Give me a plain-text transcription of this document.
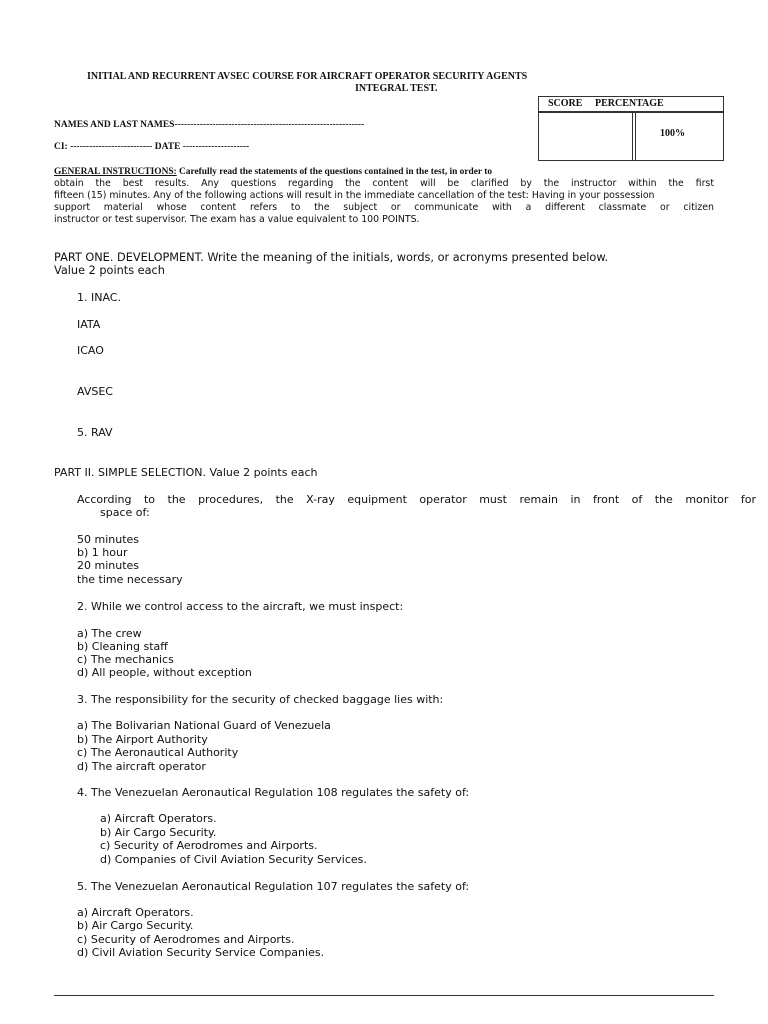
INITIAL AND RECURRENT AVSEC COURSE FOR AIRCRAFT OPERATOR SECURITY AGENTS
INTEGRAL TEST.
NAMES AND LAST NAMES------------------------------------------------------------
CI: -------------------------- DATE ---------------------
SCORE PERCENTAGE
100%
GENERAL INSTRUCTIONS: Carefully read the statements of the questions contained in the test, in order to
obtain the best results. Any questions regarding the content will be clarified by the instructor within the first
fifteen (15) minutes. Any of the following actions will result in the immediate cancellation of the test: Having in your possession
support material whose content refers to the subject or communicate with a different classmate or citizen
instructor or test supervisor. The exam has a value equivalent to 100 POINTS.
PART ONE. DEVELOPMENT. Write the meaning of the initials, words, or acronyms presented below.
Value 2 points each
1. INAC.
IATA
ICAO
AVSEC
5. RAV
PART II. SIMPLE SELECTION. Value 2 points each
According to the procedures, the X-ray equipment operator must remain in front of the monitor for
space of:
50 minutes
b) 1 hour
20 minutes
the time necessary
2. While we control access to the aircraft, we must inspect:
a) The crew
b) Cleaning staff
c) The mechanics
d) All people, without exception
3. The responsibility for the security of checked baggage lies with:
a) The Bolivarian National Guard of Venezuela
b) The Airport Authority
c) The Aeronautical Authority
d) The aircraft operator
4. The Venezuelan Aeronautical Regulation 108 regulates the safety of:
a) Aircraft Operators.
b) Air Cargo Security.
c) Security of Aerodromes and Airports.
d) Companies of Civil Aviation Security Services.
5. The Venezuelan Aeronautical Regulation 107 regulates the safety of:
a) Aircraft Operators.
b) Air Cargo Security.
c) Security of Aerodromes and Airports.
d) Civil Aviation Security Service Companies.
